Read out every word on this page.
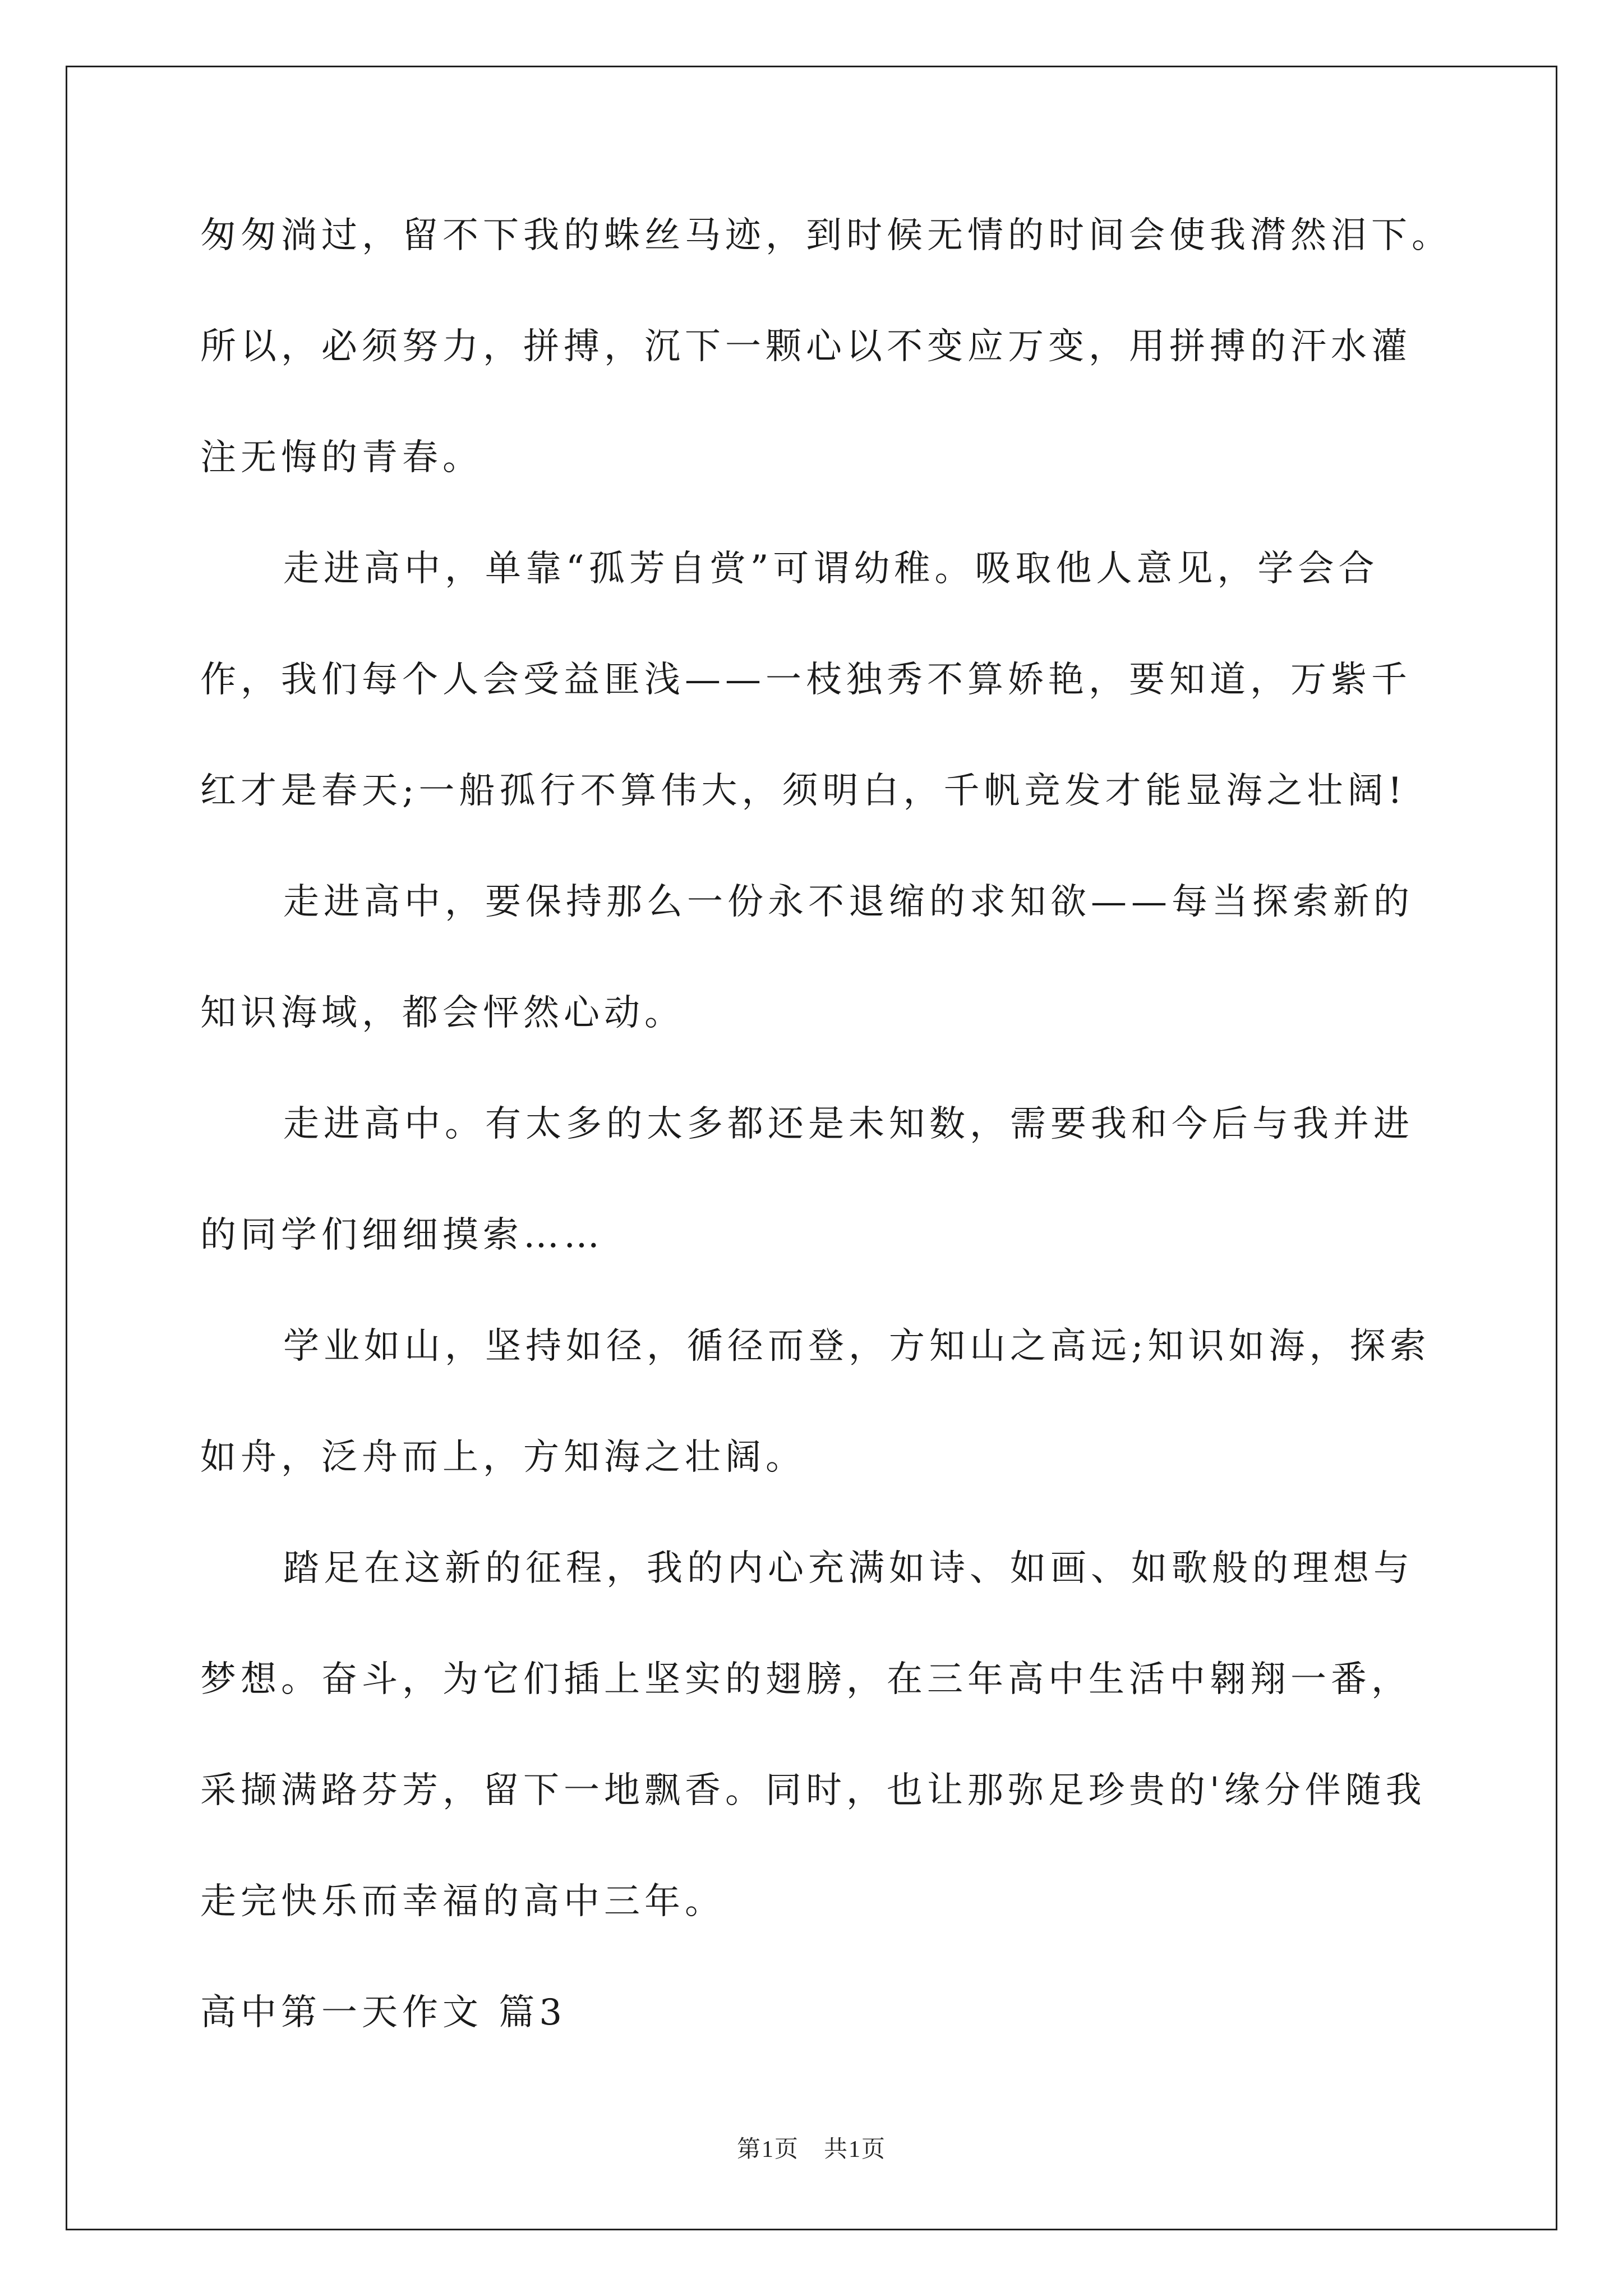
匆匆淌过，留不下我的蛛丝马迹，到时候无情的时间会使我潸然泪下。
所以，必须努力，拼搏，沉下一颗心以不变应万变，用拼搏的汗水灌
注无悔的青春。
走进高中，单靠“孤芳自赏”可谓幼稚。吸取他人意见，学会合
作，我们每个人会受益匪浅——一枝独秀不算娇艳，要知道，万紫千
红才是春天;一船孤行不算伟大，须明白，千帆竞发才能显海之壮阔!
走进高中，要保持那么一份永不退缩的求知欲——每当探索新的
知识海域，都会怦然心动。
走进高中。有太多的太多都还是未知数，需要我和今后与我并进
的同学们细细摸索……
学业如山，坚持如径，循径而登，方知山之高远;知识如海，探索
如舟，泛舟而上，方知海之壮阔。
踏足在这新的征程，我的内心充满如诗、如画、如歌般的理想与
梦想。奋斗，为它们插上坚实的翅膀，在三年高中生活中翱翔一番，
采撷满路芬芳，留下一地飘香。同时，也让那弥足珍贵的'缘分伴随我
走完快乐而幸福的高中三年。
高中第一天作文 篇3
第1页　共1页
